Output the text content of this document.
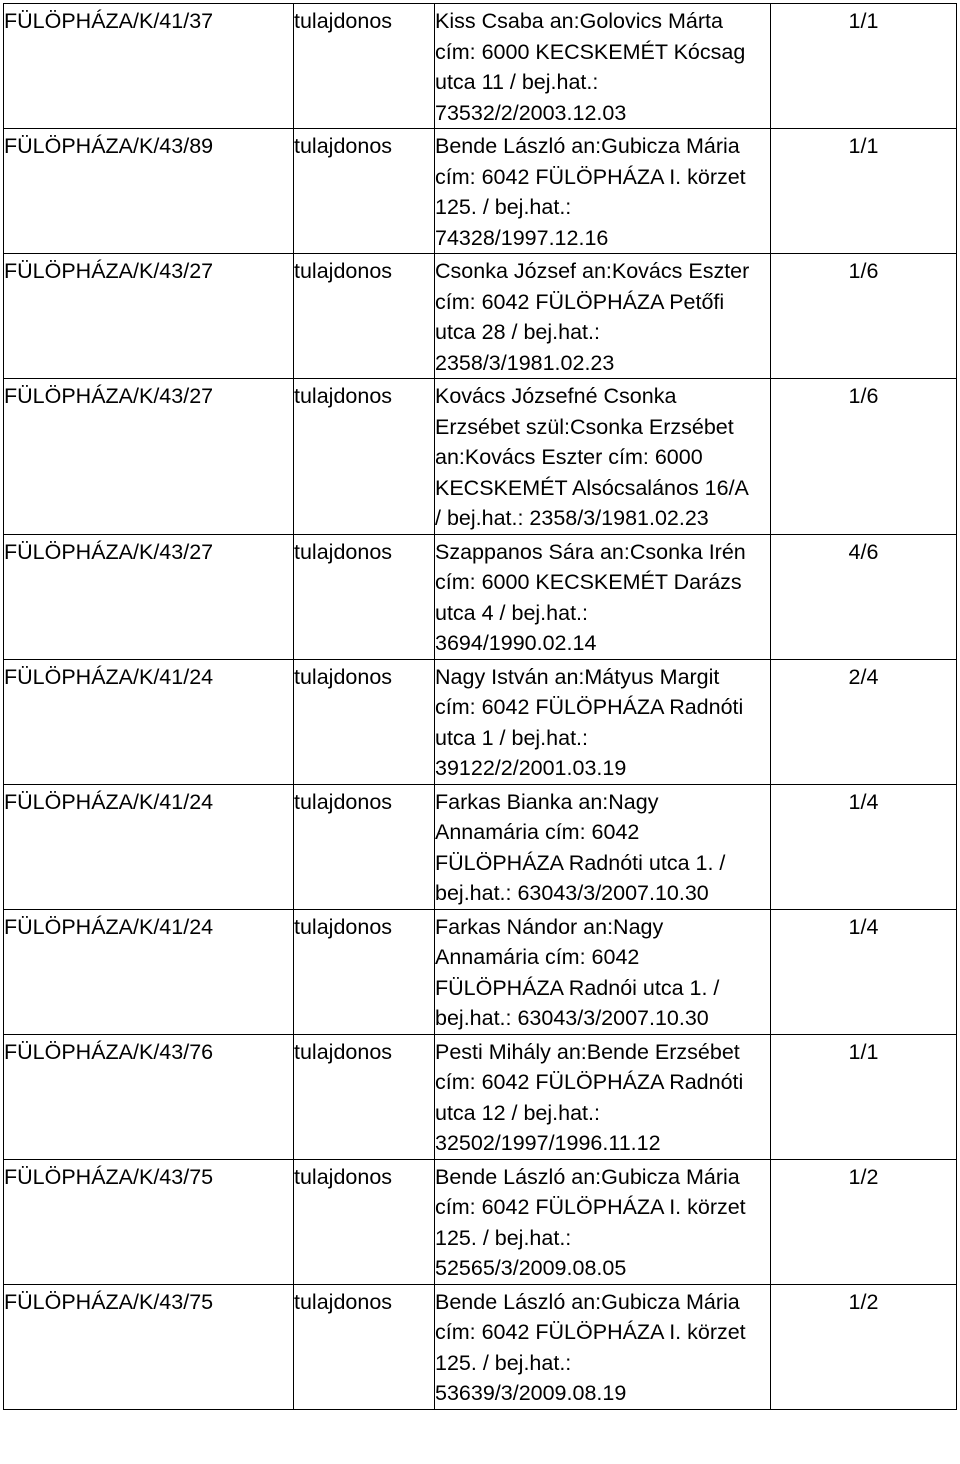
FÜLÖPHÁZA/K/41/37	tulajdonos	Kiss Csaba an:Golovics Márta
cím: 6000 KECSKEMÉT Kócsag
utca 11 / bej.hat.:
73532/2/2003.12.03	1/1
FÜLÖPHÁZA/K/43/89	tulajdonos	Bende László an:Gubicza Mária
cím: 6042 FÜLÖPHÁZA I. körzet
125. / bej.hat.:
74328/1997.12.16	1/1
FÜLÖPHÁZA/K/43/27	tulajdonos	Csonka József an:Kovács Eszter
cím: 6042 FÜLÖPHÁZA Petőfi
utca 28 / bej.hat.:
2358/3/1981.02.23	1/6
FÜLÖPHÁZA/K/43/27	tulajdonos	Kovács Józsefné Csonka
Erzsébet szül:Csonka Erzsébet
an:Kovács Eszter cím: 6000
KECSKEMÉT Alsócsalános 16/A
/ bej.hat.: 2358/3/1981.02.23	1/6
FÜLÖPHÁZA/K/43/27	tulajdonos	Szappanos Sára an:Csonka Irén
cím: 6000 KECSKEMÉT Darázs
utca 4 / bej.hat.:
3694/1990.02.14	4/6
FÜLÖPHÁZA/K/41/24	tulajdonos	Nagy István an:Mátyus Margit
cím: 6042 FÜLÖPHÁZA Radnóti
utca 1 / bej.hat.:
39122/2/2001.03.19	2/4
FÜLÖPHÁZA/K/41/24	tulajdonos	Farkas Bianka an:Nagy
Annamária cím: 6042
FÜLÖPHÁZA Radnóti utca 1. /
bej.hat.: 63043/3/2007.10.30	1/4
FÜLÖPHÁZA/K/41/24	tulajdonos	Farkas Nándor an:Nagy
Annamária cím: 6042
FÜLÖPHÁZA Radnói utca 1. /
bej.hat.: 63043/3/2007.10.30	1/4
FÜLÖPHÁZA/K/43/76	tulajdonos	Pesti Mihály an:Bende Erzsébet
cím: 6042 FÜLÖPHÁZA Radnóti
utca 12 / bej.hat.:
32502/1997/1996.11.12	1/1
FÜLÖPHÁZA/K/43/75	tulajdonos	Bende László an:Gubicza Mária
cím: 6042 FÜLÖPHÁZA I. körzet
125. / bej.hat.:
52565/3/2009.08.05	1/2
FÜLÖPHÁZA/K/43/75	tulajdonos	Bende László an:Gubicza Mária
cím: 6042 FÜLÖPHÁZA I. körzet
125. / bej.hat.:
53639/3/2009.08.19	1/2
